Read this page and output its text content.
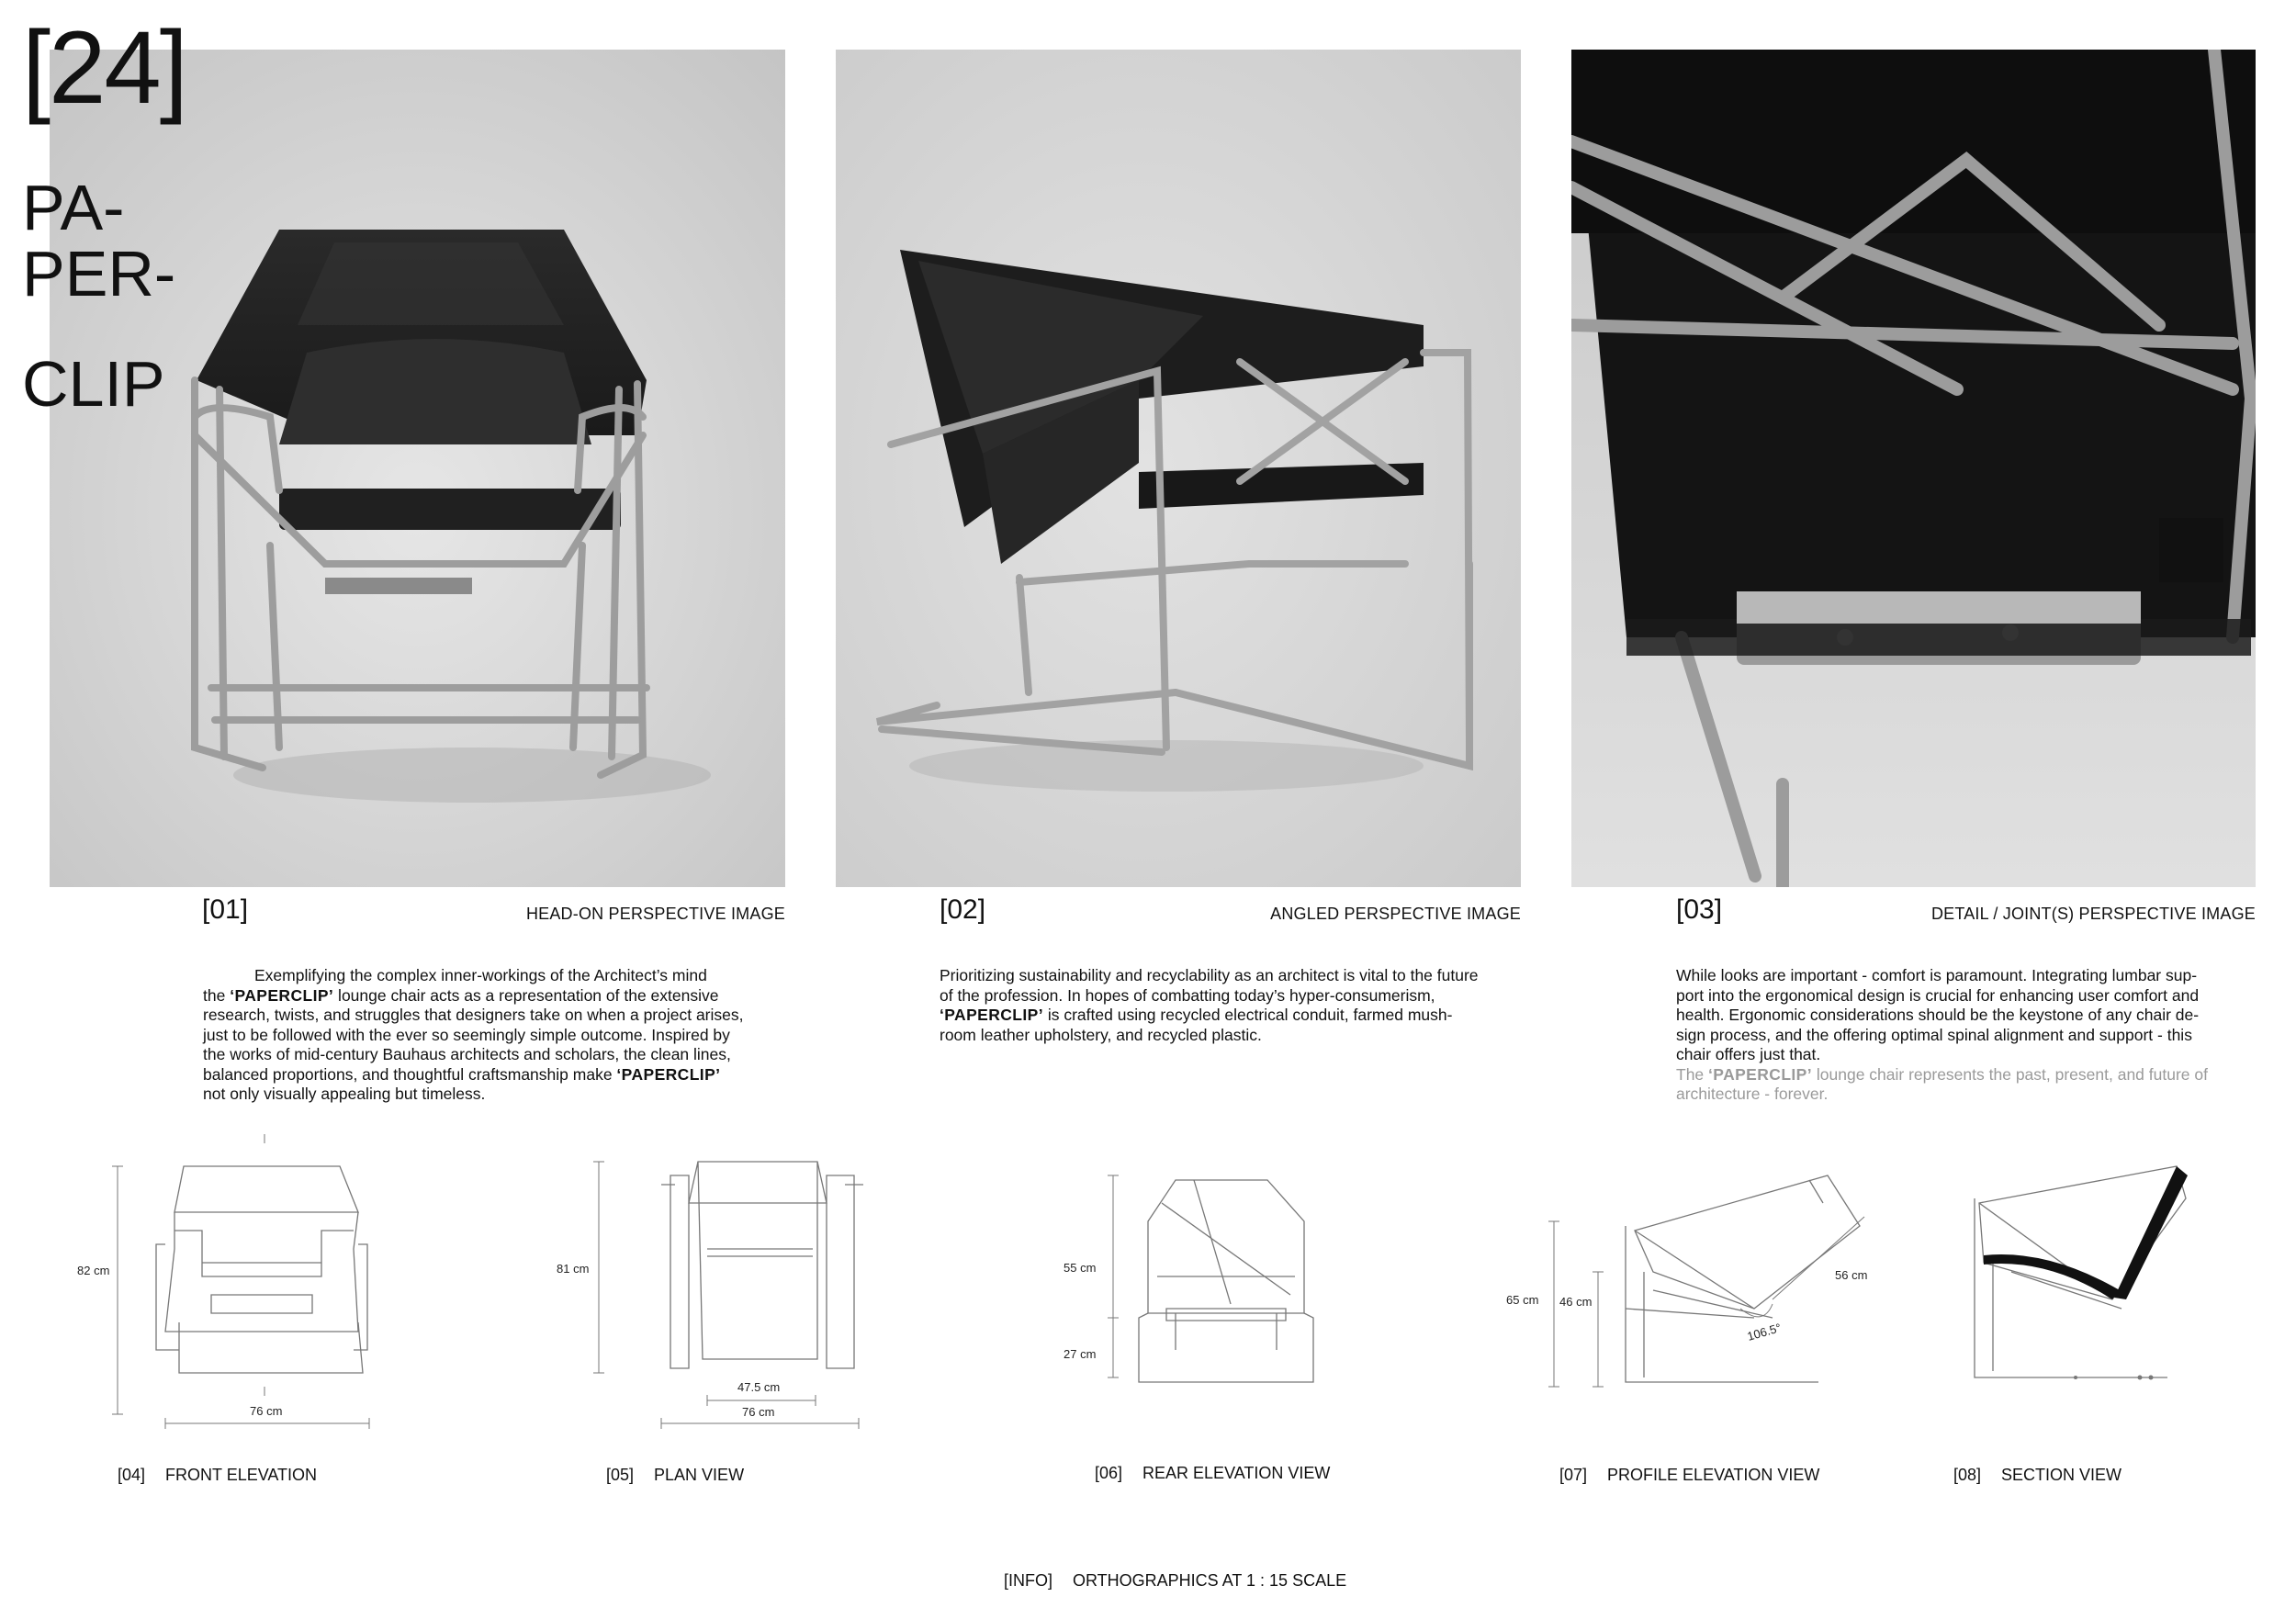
[24]
PA-
PER-
CLIP
[01]	HEAD-ON PERSPECTIVE IMAGE	[02]	ANGLED PERSPECTIVE IMAGE	[03]	DETAIL / JOINT(S) PERSPECTIVE IMAGE
Exemplifying the complex inner-workings of the Architect’s mind
the ‘PAPERCLIP’ lounge chair acts as a representation of the extensive
research, twists, and struggles that designers take on when a project arises,
just to be followed with the ever so seemingly simple outcome. Inspired by
the works of mid-century Bauhaus architects and scholars, the clean lines,
balanced proportions, and thoughtful craftsmanship make ‘PAPERCLIP’
not only visually appealing but timeless.
Prioritizing sustainability and recyclability as an architect is vital to the future
of the profession. In hopes of combatting today’s hyper-consumerism,
‘PAPERCLIP’ is crafted using recycled electrical conduit, farmed mush-
room leather upholstery, and recycled plastic.
While looks are important - comfort is paramount. Integrating lumbar sup-
port into the ergonomical design is crucial for enhancing user comfort and
health. Ergonomic considerations should be the keystone of any chair de-
sign process, and the offering optimal spinal alignment and support - this
chair offers just that.
The ‘PAPERCLIP’ lounge chair represents the past, present, and future of
architecture - forever.
82 cm
76 cm
[04] FRONT ELEVATION
81 cm
47.5 cm
76 cm
[05] PLAN VIEW
55 cm
27 cm
[06] REAR ELEVATION VIEW
65 cm 46 cm
56 cm
106.5°
[07] PROFILE ELEVATION VIEW	[08] SECTION VIEW
[INFO] ORTHOGRAPHICS AT 1 : 15 SCALE
